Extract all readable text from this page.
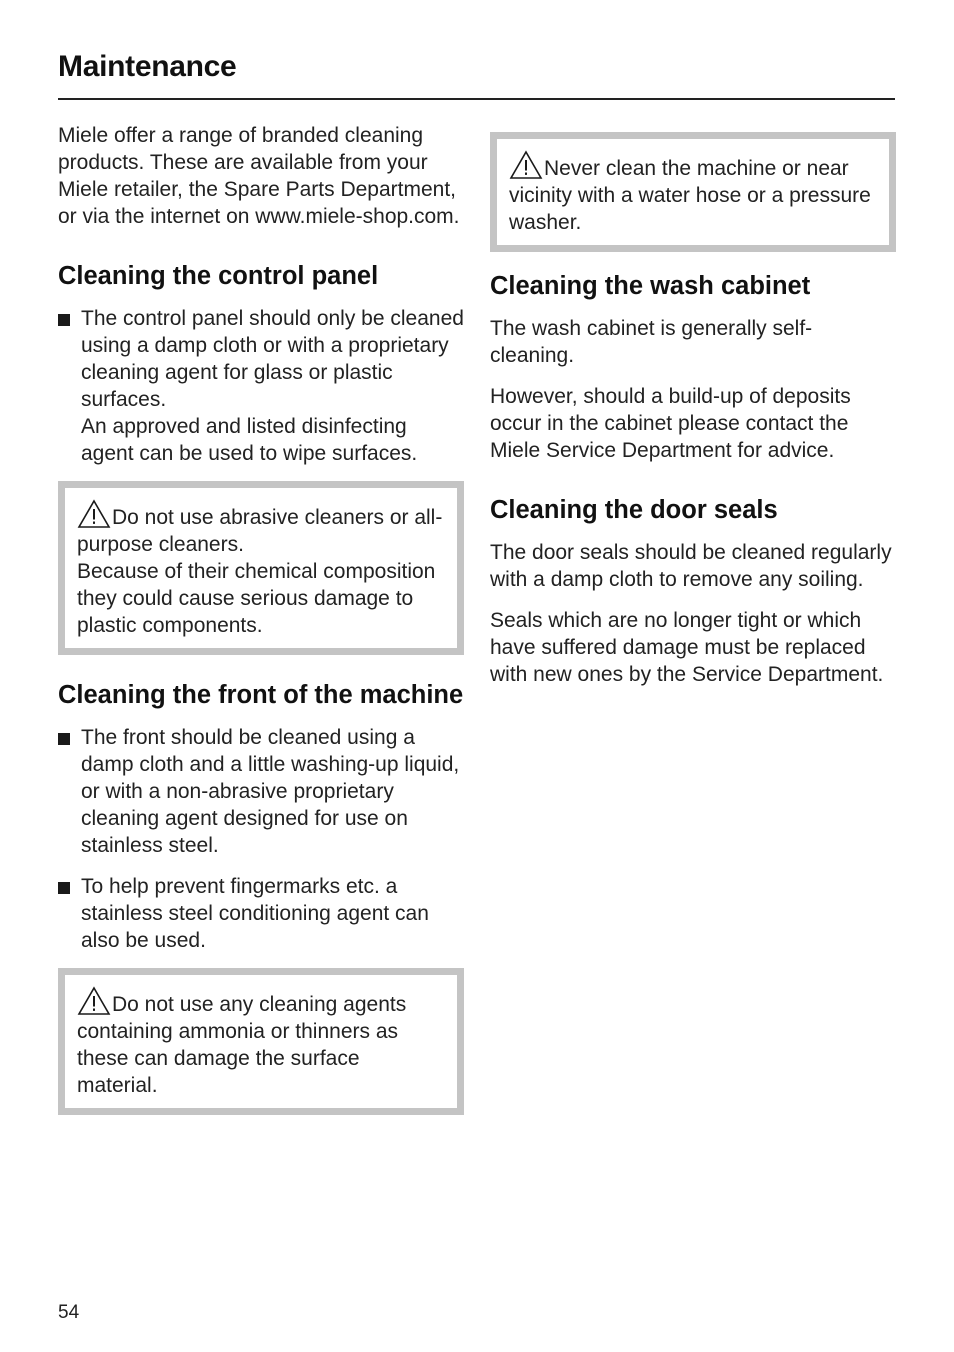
Maintenance

Miele offer a range of branded cleaning products. These are available from your Miele retailer, the Spare Parts Department, or via the internet on www.miele-shop.com.

Cleaning the control panel
The control panel should only be cleaned using a damp cloth or with a proprietary cleaning agent for glass or plastic surfaces.
An approved and listed disinfecting agent can be used to wipe surfaces.
Do not use abrasive cleaners or all-purpose cleaners.
Because of their chemical composition they could cause serious damage to plastic components.
Cleaning the front of the machine
The front should be cleaned using a damp cloth and a little washing-up liquid, or with a non-abrasive proprietary cleaning agent designed for use on stainless steel.
To help prevent fingermarks etc. a stainless steel conditioning agent can also be used.
Do not use any cleaning agents containing ammonia or thinners as these can damage the surface material.
Never clean the machine or near vicinity with a water hose or a pressure washer.
Cleaning the wash cabinet

The wash cabinet is generally self-cleaning.

However, should a build-up of deposits occur in the cabinet please contact the Miele Service Department for advice.

Cleaning the door seals

The door seals should be cleaned regularly with a damp cloth to remove any soiling.

Seals which are no longer tight or which have suffered damage must be replaced with new ones by the Service Department.

54
